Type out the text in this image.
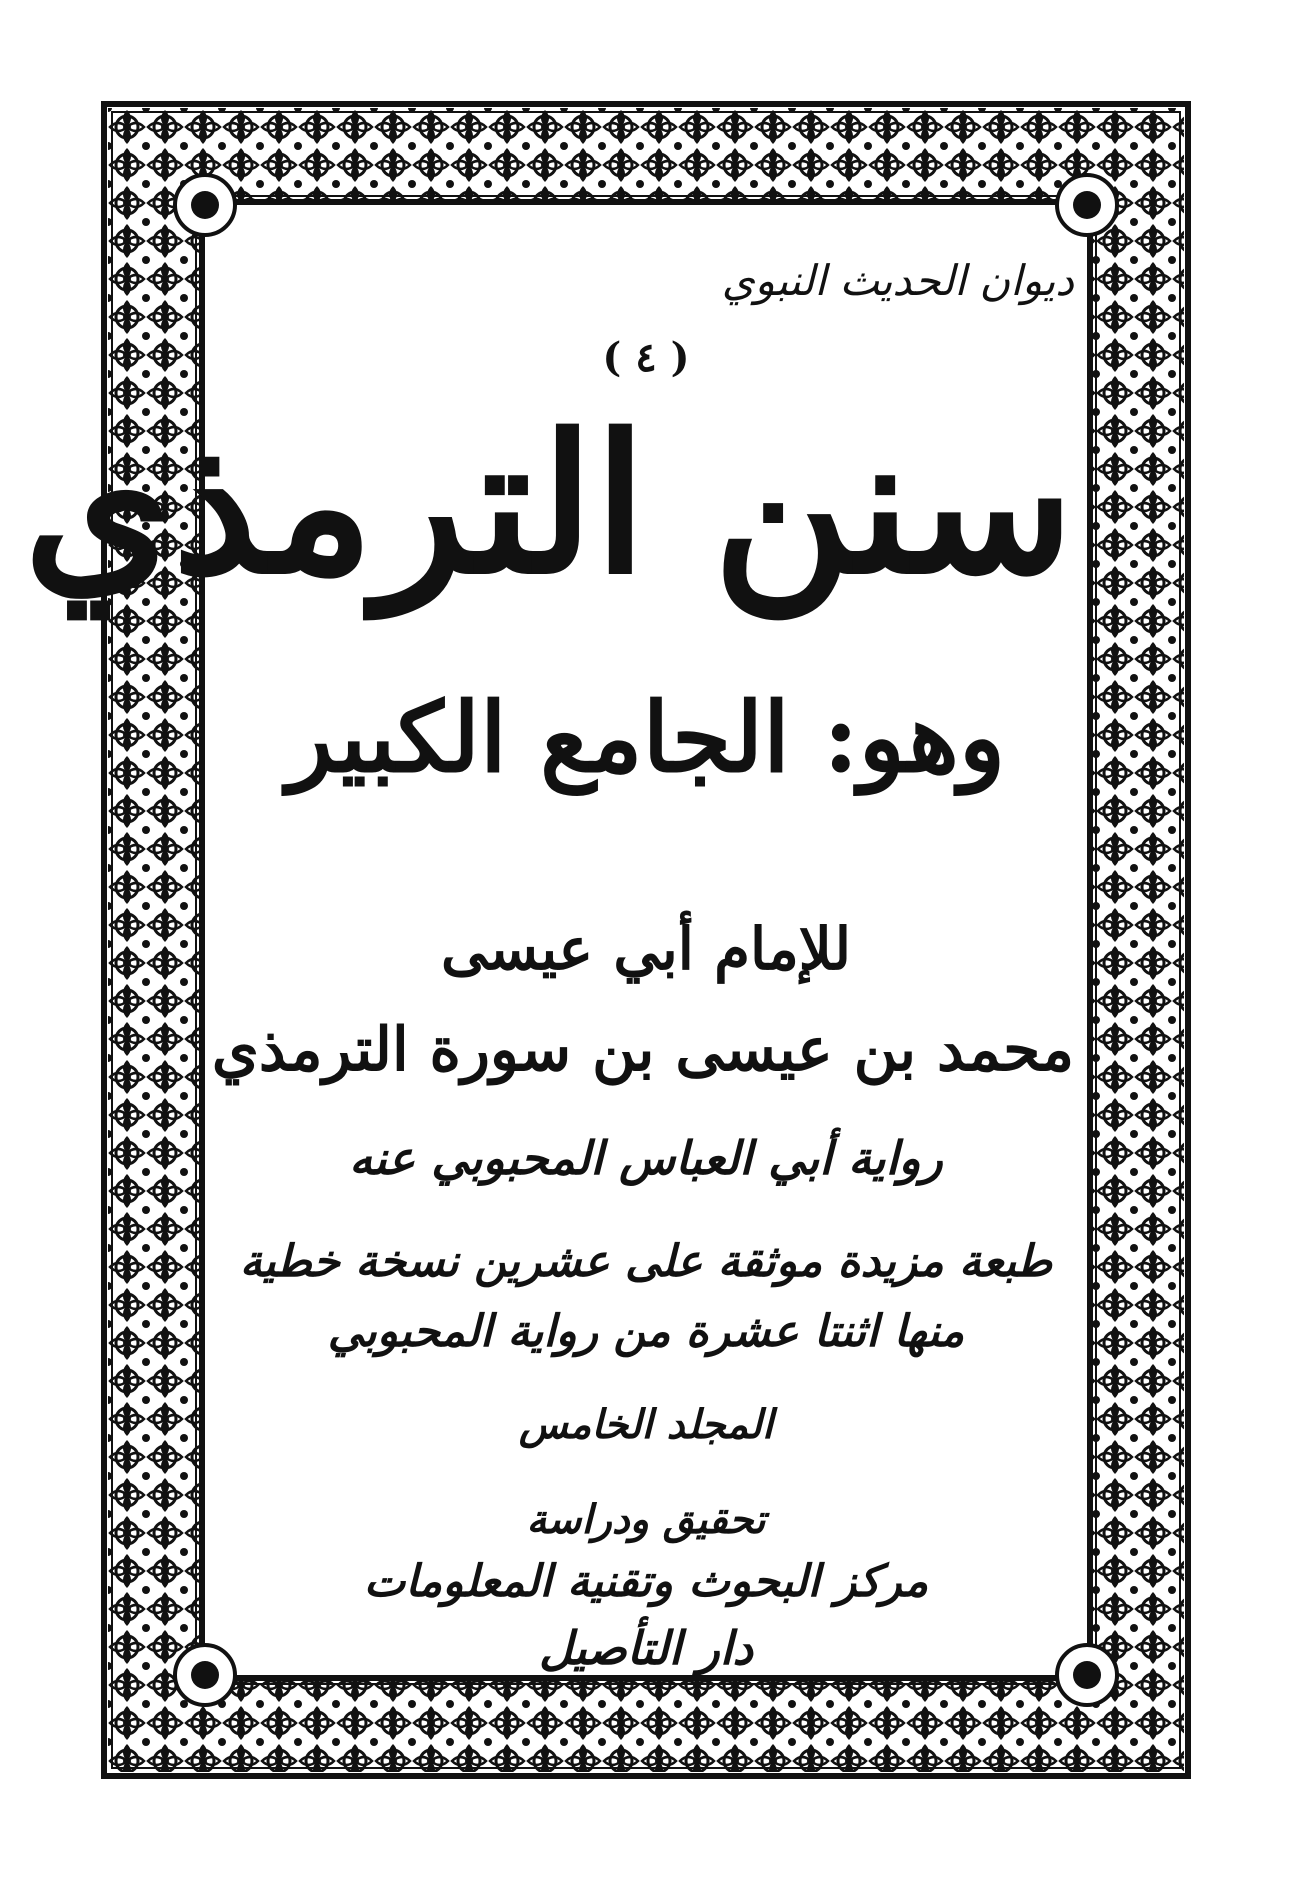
ديوان الحديث النبوي
( ٤ )
سنن الترمذي
وهو: الجامع الكبير
للإمام أبي عيسى
محمد بن عيسى بن سورة الترمذي
رواية أبي العباس المحبوبي عنه
طبعة مزيدة موثقة على عشرين نسخة خطية
منها اثنتا عشرة من رواية المحبوبي
المجلد الخامس
تحقيق ودراسة
مركز البحوث وتقنية المعلومات
دار التأصيل
